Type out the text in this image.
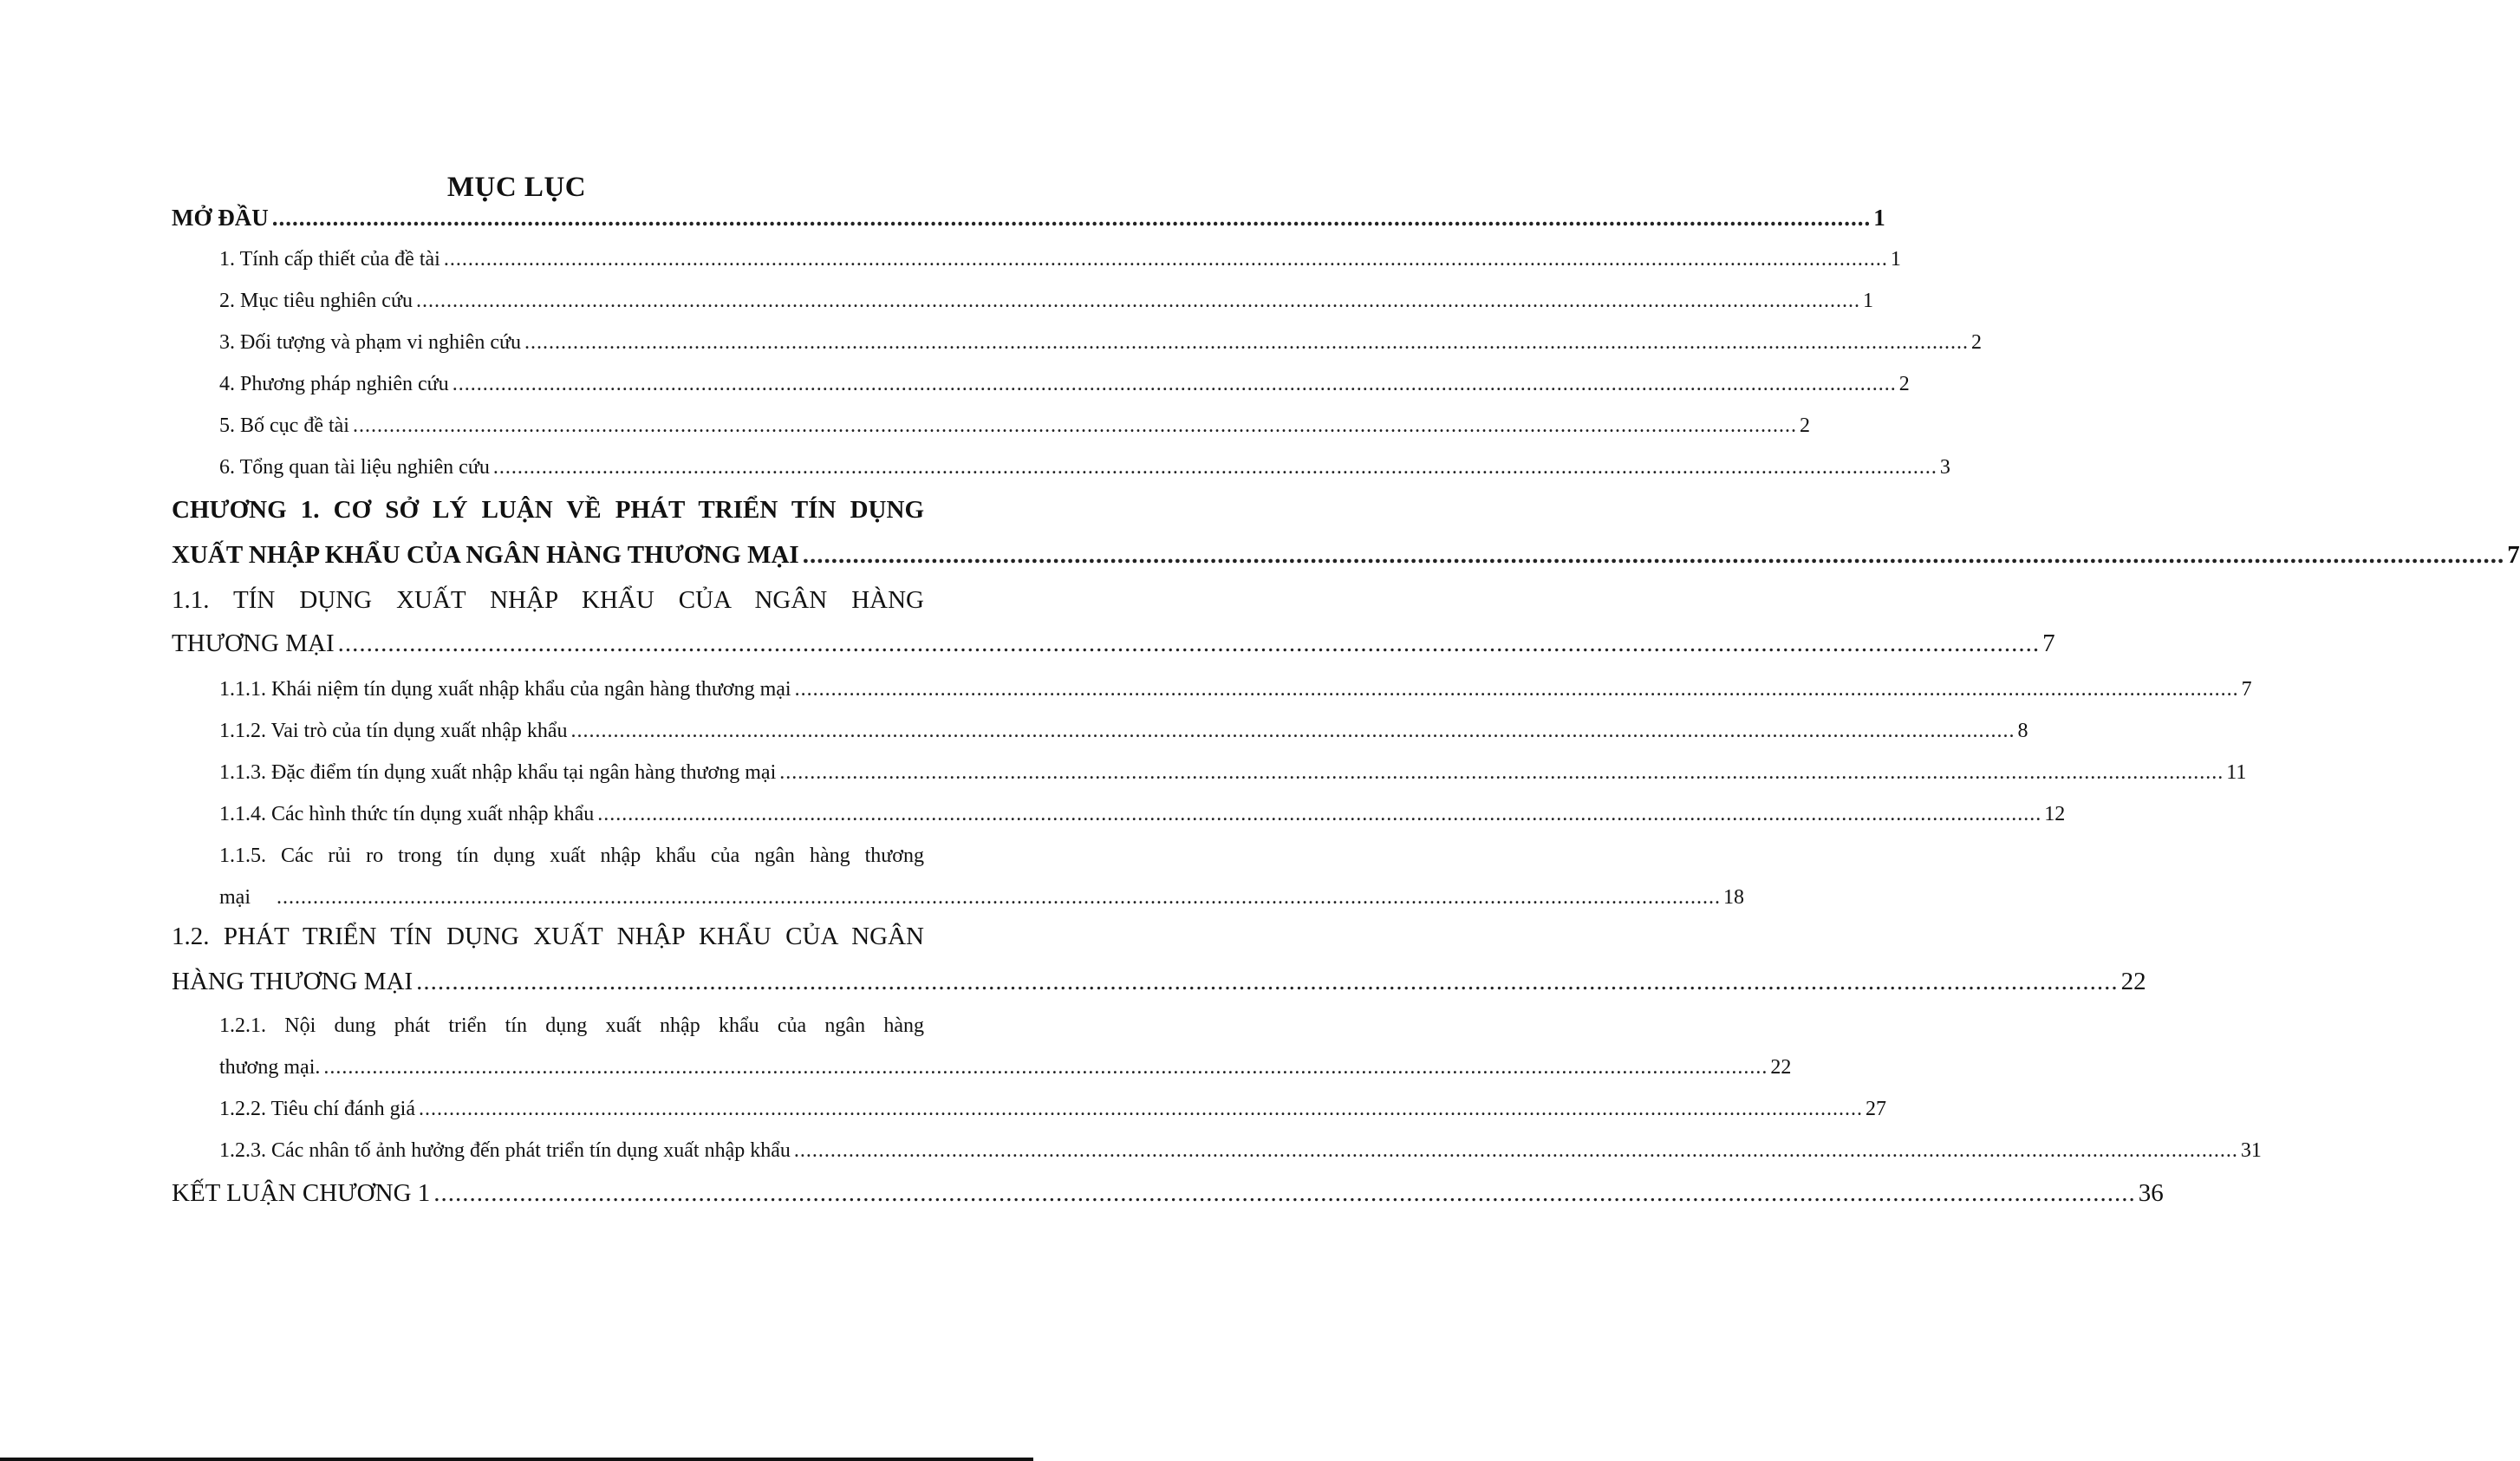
MỤC LỤC
MỞ ĐẦU .............................................................................................................................................................................................................................................. 1
1. Tính cấp thiết của đề tài .............................................................................................................................................................................................................................................. 1
2. Mục tiêu nghiên cứu .............................................................................................................................................................................................................................................. 1
3. Đối tượng và phạm vi nghiên cứu .............................................................................................................................................................................................................................................. 2
4. Phương pháp nghiên cứu .............................................................................................................................................................................................................................................. 2
5. Bố cục đề tài .............................................................................................................................................................................................................................................. 2
6. Tổng quan tài liệu nghiên cứu .............................................................................................................................................................................................................................................. 3
CHƯƠNG 1. CƠ SỞ LÝ LUẬN VỀ PHÁT TRIỂN TÍN DỤNG
XUẤT NHẬP KHẨU CỦA NGÂN HÀNG THƯƠNG MẠI .............................................................................................................................................................................................................................................. 7
1.1. TÍN DỤNG XUẤT NHẬP KHẨU CỦA NGÂN HÀNG
THƯƠNG MẠI .............................................................................................................................................................................................................................................. 7
1.1.1. Khái niệm tín dụng xuất nhập khẩu của ngân hàng thương mại .............................................................................................................................................................................................................................................. 7
1.1.2. Vai trò của tín dụng xuất nhập khẩu .............................................................................................................................................................................................................................................. 8
1.1.3. Đặc điểm tín dụng xuất nhập khẩu tại ngân hàng thương mại .............................................................................................................................................................................................................................................. 11
1.1.4. Các hình thức tín dụng xuất nhập khẩu .............................................................................................................................................................................................................................................. 12
1.1.5. Các rủi ro trong tín dụng xuất nhập khẩu của ngân hàng thương
mại .............................................................................................................................................................................................................................................. 18
1.2. PHÁT TRIỂN TÍN DỤNG XUẤT NHẬP KHẨU CỦA NGÂN
HÀNG THƯƠNG MẠI .............................................................................................................................................................................................................................................. 22
1.2.1. Nội dung phát triển tín dụng xuất nhập khẩu của ngân hàng
thương mại. .............................................................................................................................................................................................................................................. 22
1.2.2. Tiêu chí đánh giá .............................................................................................................................................................................................................................................. 27
1.2.3. Các nhân tố ảnh hưởng đến phát triển tín dụng xuất nhập khẩu .............................................................................................................................................................................................................................................. 31
KẾT LUẬN CHƯƠNG 1 .............................................................................................................................................................................................................................................. 36
